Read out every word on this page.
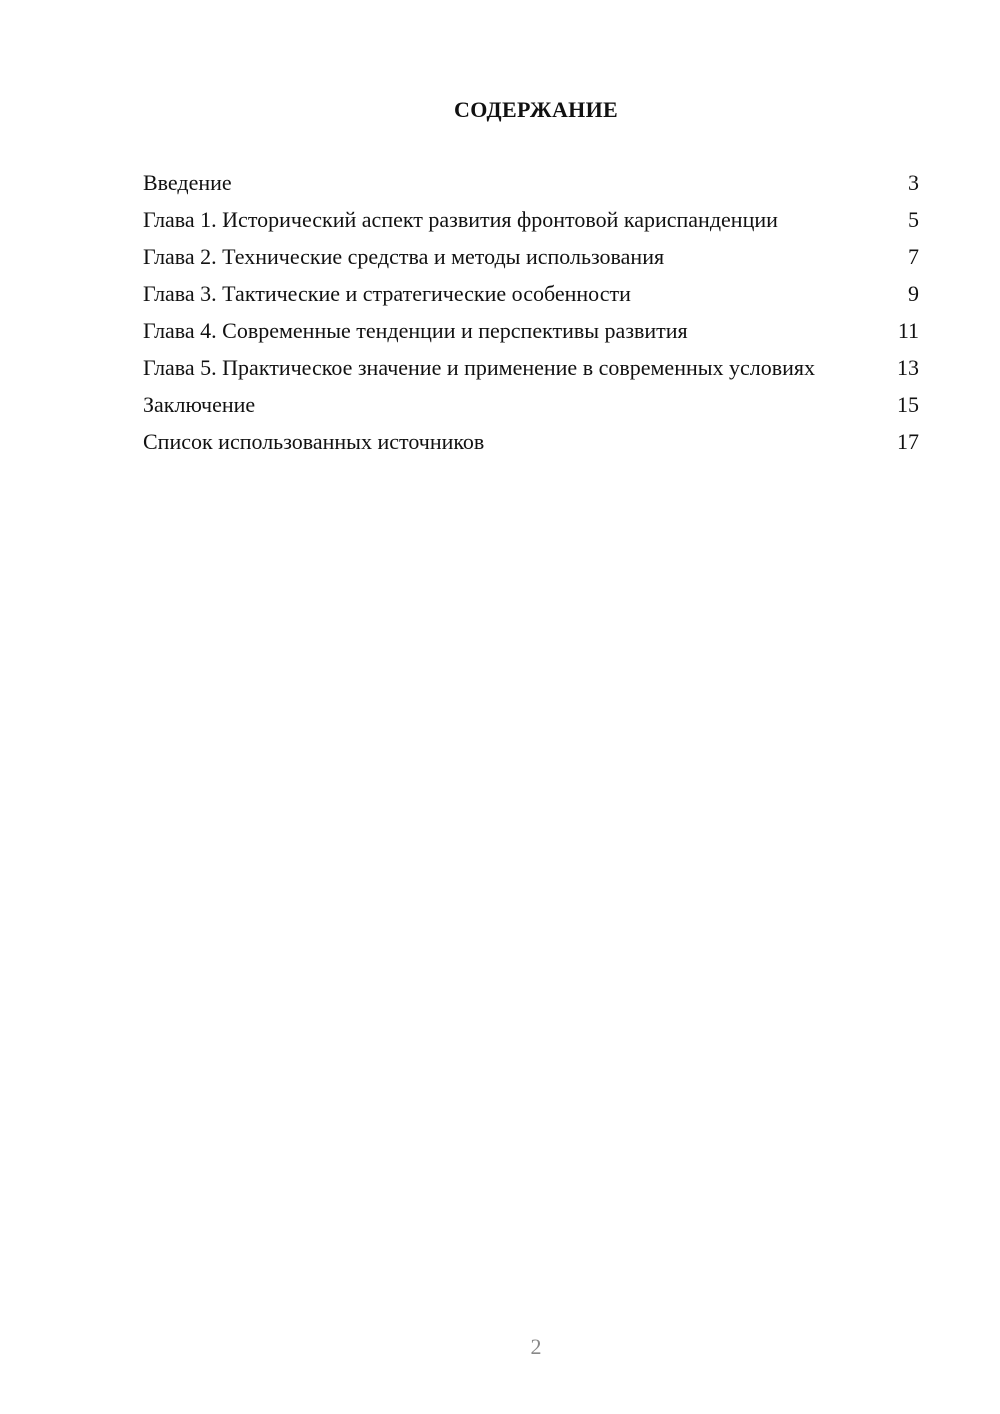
СОДЕРЖАНИЕ
Введение	3
Глава 1. Исторический аспект развития фронтовой кариспанденции	5
Глава 2. Технические средства и методы использования	7
Глава 3. Тактические и стратегические особенности	9
Глава 4. Современные тенденции и перспективы развития	11
Глава 5. Практическое значение и применение в современных условиях	13
Заключение	15
Список использованных источников	17
2
